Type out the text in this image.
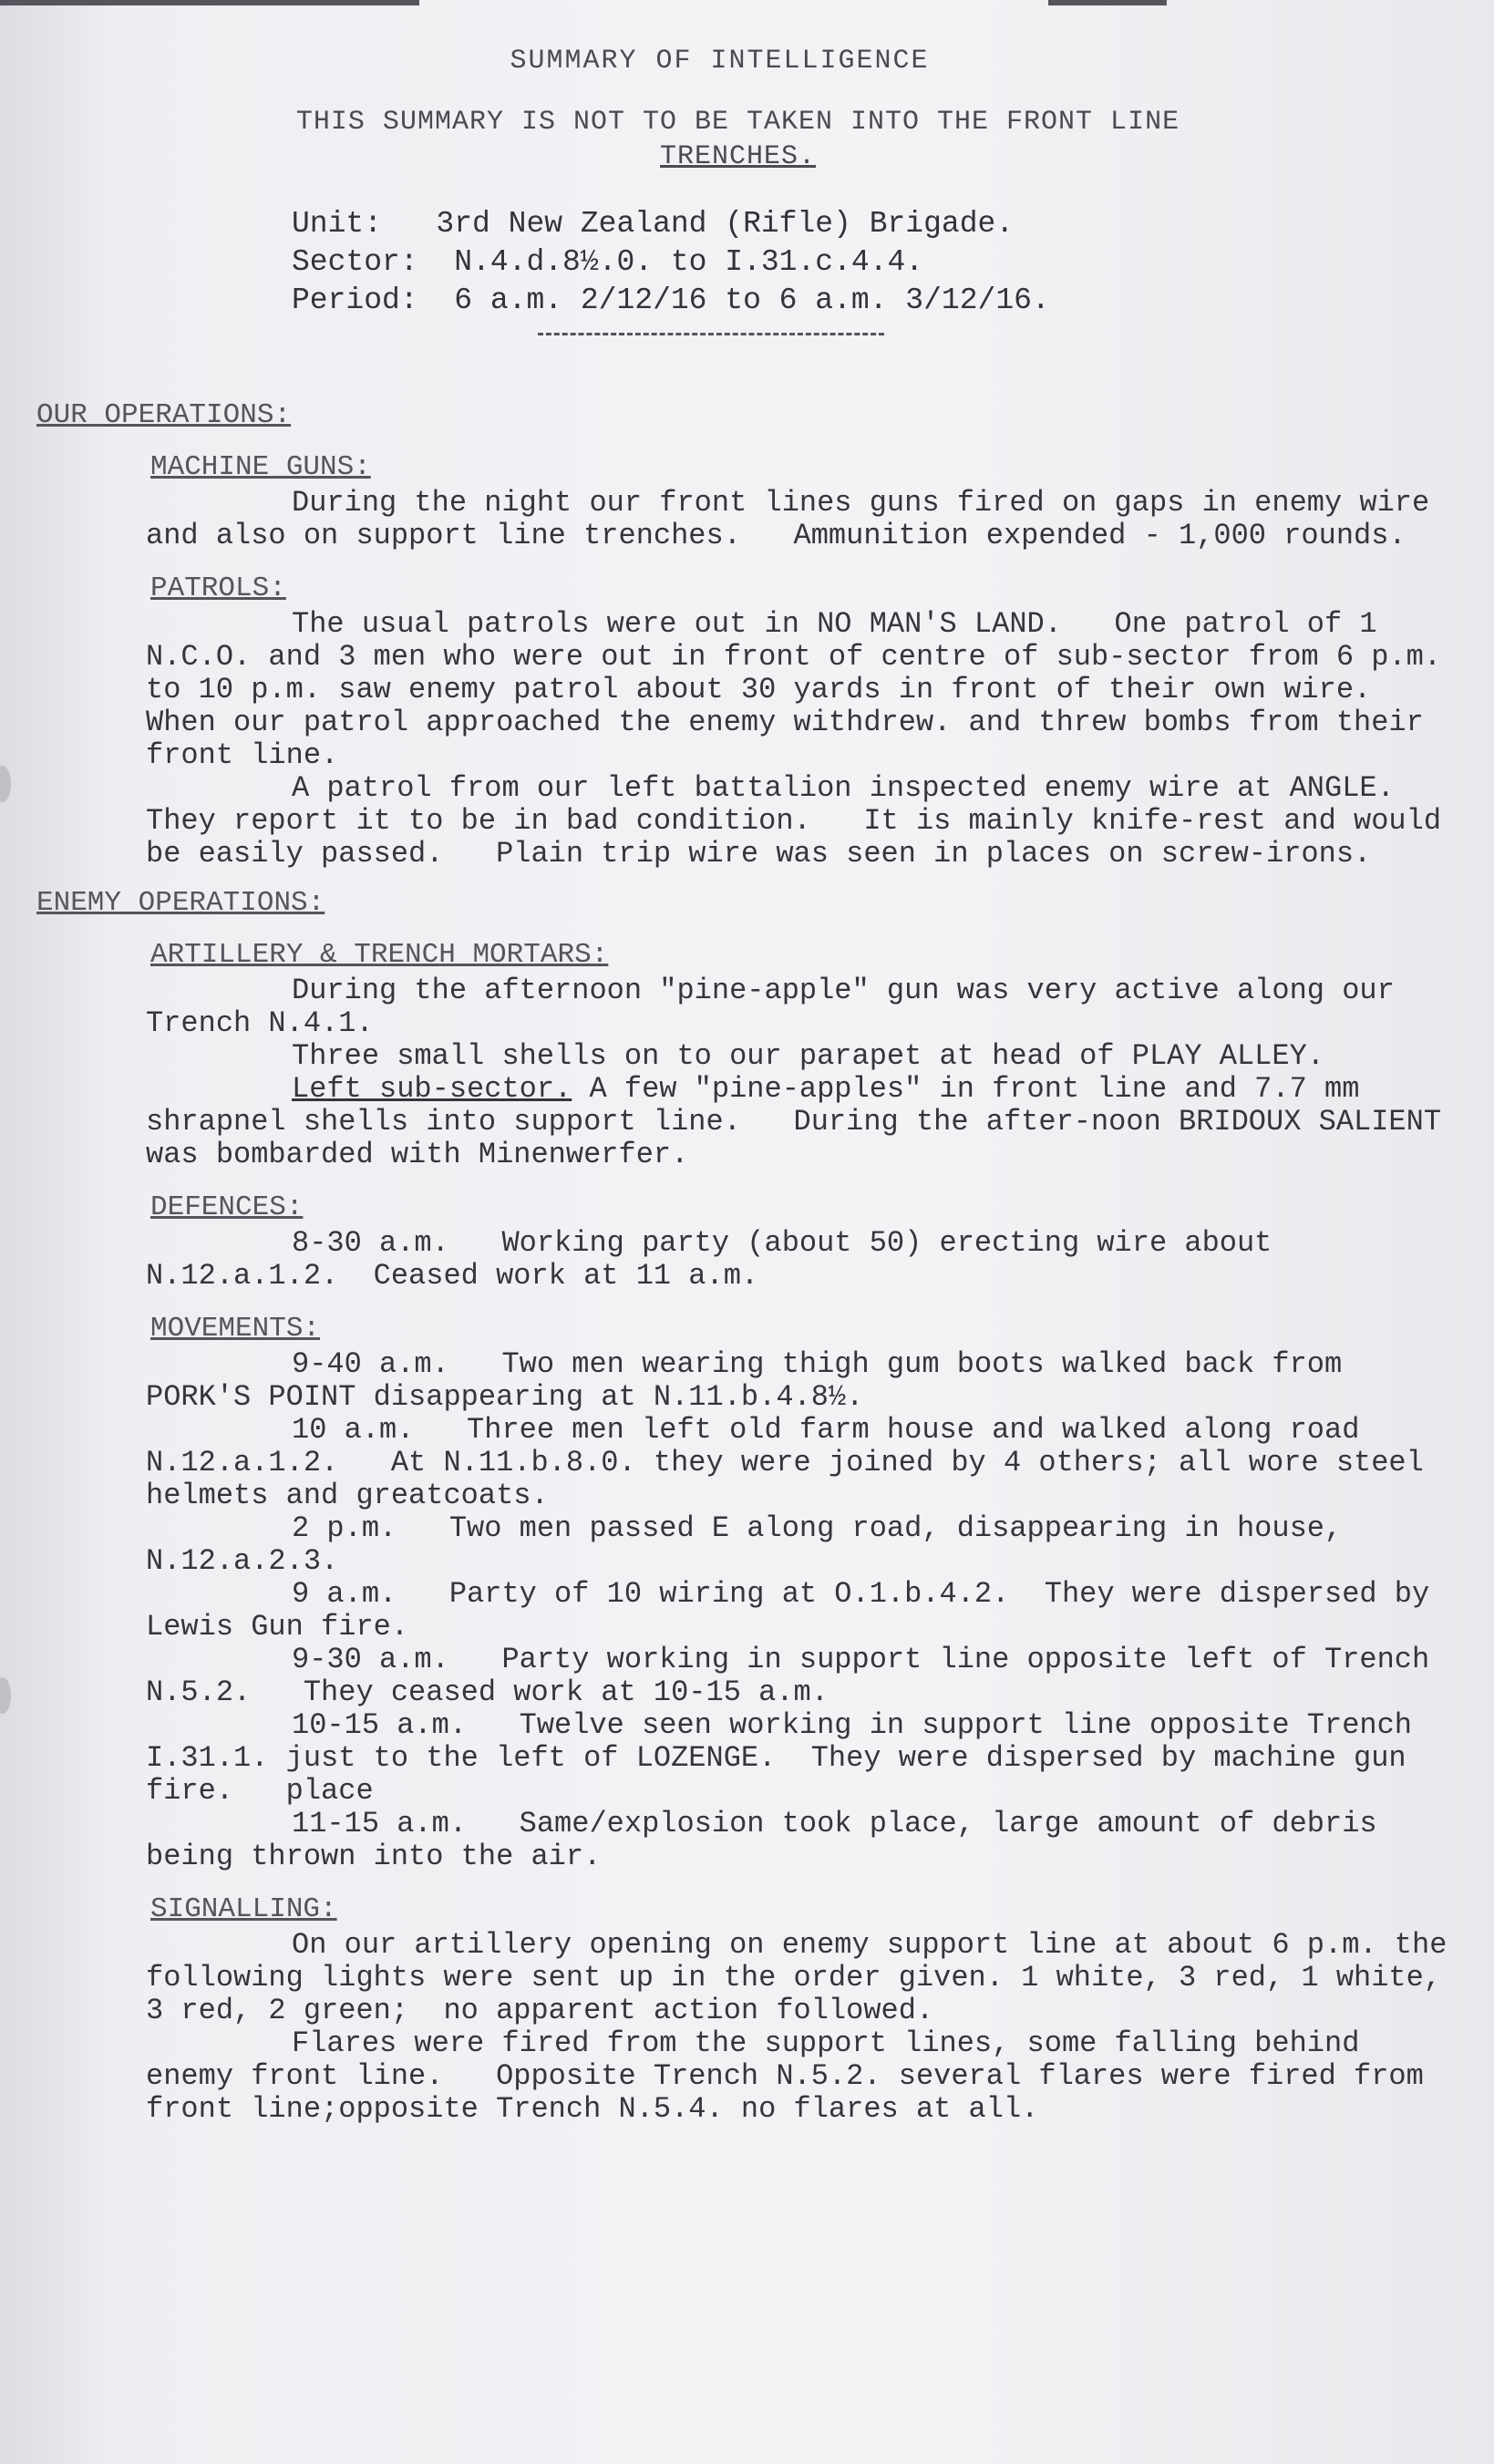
SUMMARY OF INTELLIGENCE
THIS SUMMARY IS NOT TO BE TAKEN INTO THE FRONT LINE
TRENCHES.
Unit:   3rd New Zealand (Rifle) Brigade.
Sector:  N.4.d.8½.0. to I.31.c.4.4.
Period:  6 a.m. 2/12/16 to 6 a.m. 3/12/16.
OUR OPERATIONS:
MACHINE GUNS:
During the night our front lines guns fired on gaps in enemy wire and also on support line trenches.   Ammunition expended - 1,000 rounds.
PATROLS:
The usual patrols were out in NO MAN'S LAND.   One patrol of 1 N.C.O. and 3 men who were out in front of centre of sub-sector from 6 p.m. to 10 p.m. saw enemy patrol about 30 yards in front of their own wire.   When our patrol approached the enemy withdrew. and threw bombs from their front line.
A patrol from our left battalion inspected enemy wire at ANGLE.   They report it to be in bad condition.   It is mainly knife-rest and would be easily passed.   Plain trip wire was seen in places on screw-irons.
ENEMY OPERATIONS:
ARTILLERY & TRENCH MORTARS:
During the afternoon "pine-apple" gun was very active along our Trench N.4.1.
Three small shells on to our parapet at head of PLAY ALLEY.
Left sub-sector. A few "pine-apples" in front line and 7.7 mm shrapnel shells into support line.   During the after-noon BRIDOUX SALIENT was bombarded with Minenwerfer.
DEFENCES:
8-30 a.m.   Working party (about 50) erecting wire about N.12.a.1.2.  Ceased work at 11 a.m.
MOVEMENTS:
9-40 a.m.   Two men wearing thigh gum boots walked back from PORK'S POINT disappearing at N.11.b.4.8½.
10 a.m.   Three men left old farm house and walked along road N.12.a.1.2.   At N.11.b.8.0. they were joined by 4 others; all wore steel helmets and greatcoats.
2 p.m.   Two men passed E along road, disappearing in house, N.12.a.2.3.
9 a.m.   Party of 10 wiring at O.1.b.4.2.  They were dispersed by Lewis Gun fire.
9-30 a.m.   Party working in support line opposite left of Trench N.5.2.   They ceased work at 10-15 a.m.
10-15 a.m.   Twelve seen working in support line opposite Trench I.31.1. just to the left of LOZENGE.  They were dispersed by machine gun fire.   place
11-15 a.m.   Same/explosion took place, large amount of debris being thrown into the air.
SIGNALLING:
On our artillery opening on enemy support line at about 6 p.m. the following lights were sent up in the order given. 1 white, 3 red, 1 white, 3 red, 2 green;  no apparent action followed.
Flares were fired from the support lines, some falling behind enemy front line.   Opposite Trench N.5.2. several flares were fired from front line;opposite Trench N.5.4. no flares at all.
